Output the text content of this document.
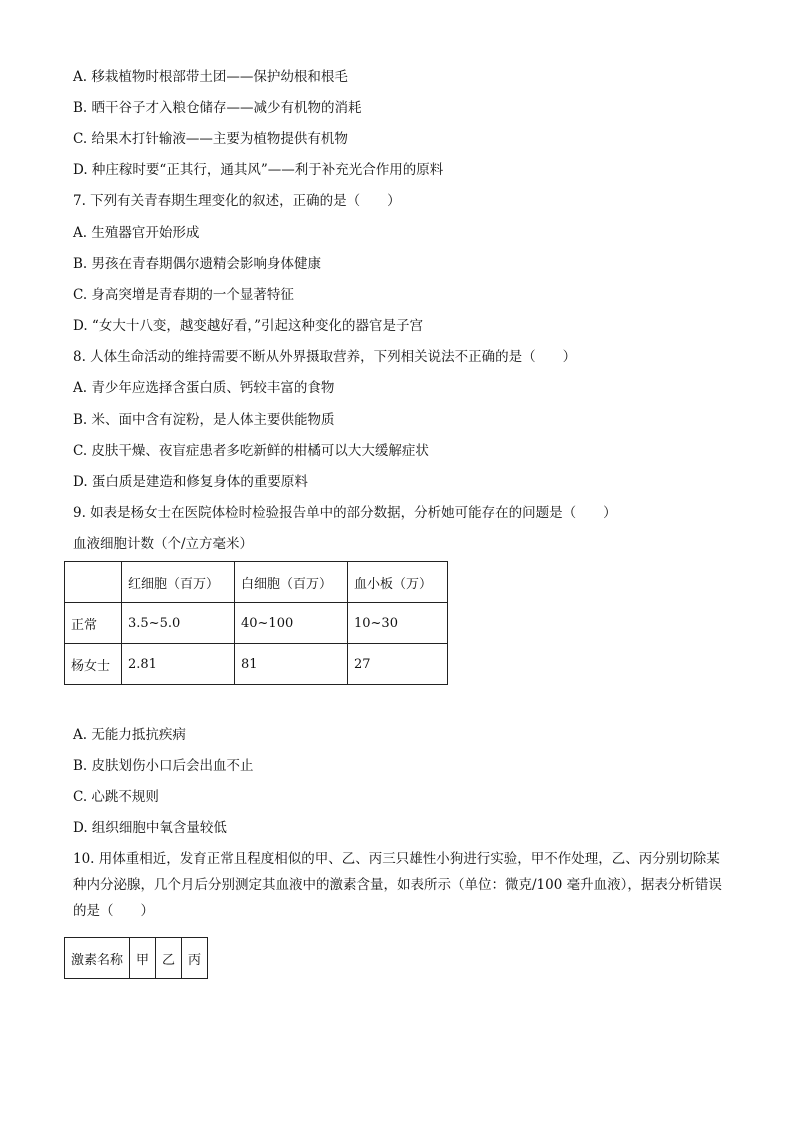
A. 移栽植物时根部带土团——保护幼根和根毛
B. 晒干谷子才入粮仓储存——减少有机物的消耗
C. 给果木打针输液——主要为植物提供有机物
D. 种庄稼时要“正其行，通其风”——利于补充光合作用的原料
7. 下列有关青春期生理变化的叙述，正确的是（　　）
A. 生殖器官开始形成
B. 男孩在青春期偶尔遗精会影响身体健康
C. 身高突增是青春期的一个显著特征
D. “女大十八变，越变越好看，”引起这种变化的器官是子宫
8. 人体生命活动的维持需要不断从外界摄取营养，下列相关说法不正确的是（　　）
A. 青少年应选择含蛋白质、钙较丰富的食物
B. 米、面中含有淀粉，是人体主要供能物质
C. 皮肤干燥、夜盲症患者多吃新鲜的柑橘可以大大缓解症状
D. 蛋白质是建造和修复身体的重要原料
9. 如表是杨女士在医院体检时检验报告单中的部分数据，分析她可能存在的问题是（　　）
血液细胞计数（个/立方毫米）
	红细胞（百万）	白细胞（百万）	血小板（万）
正常	3.5~5.0	40~100	10~30
杨女士	2.81	81	27
A. 无能力抵抗疾病
B. 皮肤划伤小口后会出血不止
C. 心跳不规则
D. 组织细胞中氧含量较低
10. 用体重相近，发育正常且程度相似的甲、乙、丙三只雄性小狗进行实验，甲不作处理，乙、丙分别切除某种内分泌腺，几个月后分别测定其血液中的激素含量，如表所示（单位：微克/100 毫升血液），据表分析错误的是（　　）
激素名称	甲	乙	丙
